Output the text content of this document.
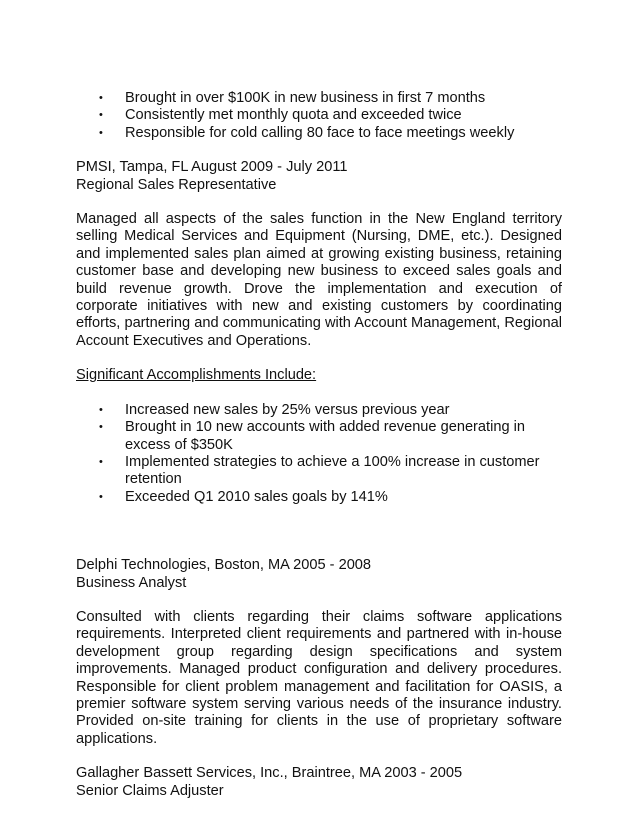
• Brought in over $100K in new business in first 7 months
• Consistently met monthly quota and exceeded twice
• Responsible for cold calling 80 face to face meetings weekly

PMSI, Tampa, FL August 2009 - July 2011

Regional Sales Representative

Managed all aspects of the sales function in the New England territory selling Medical Services and Equipment (Nursing, DME, etc.). Designed and implemented sales plan aimed at growing existing business, retaining customer base and developing new business to exceed sales goals and build revenue growth. Drove the implementation and execution of corporate initiatives with new and existing customers by coordinating efforts, partnering and communicating with Account Management, Regional Account Executives and Operations.

Significant Accomplishments Include:

• Increased new sales by 25% versus previous year
• Brought in 10 new accounts with added revenue generating in excess of $350K
• Implemented strategies to achieve a 100% increase in customer retention
• Exceeded Q1 2010 sales goals by 141%

Delphi Technologies, Boston, MA 2005 - 2008

Business Analyst

Consulted with clients regarding their claims software applications requirements. Interpreted client requirements and partnered with in-house development group regarding design specifications and system improvements. Managed product configuration and delivery procedures. Responsible for client problem management and facilitation for OASIS, a premier software system serving various needs of the insurance industry. Provided on-site training for clients in the use of proprietary software applications.

Gallagher Bassett Services, Inc., Braintree, MA 2003 - 2005

Senior Claims Adjuster
